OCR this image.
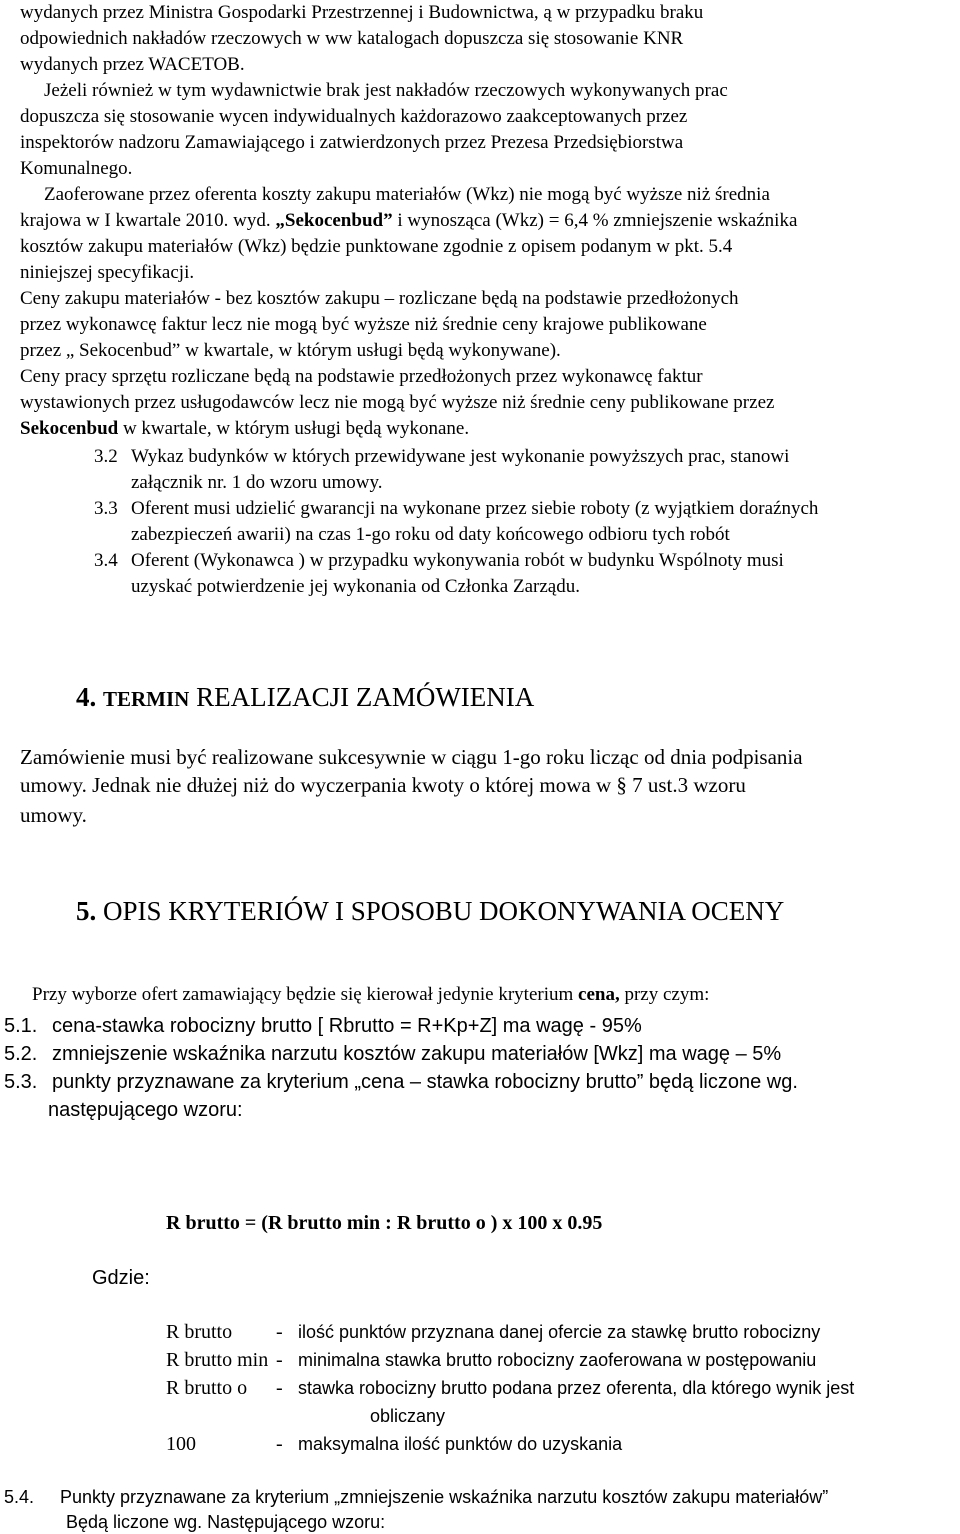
wydanych przez Ministra Gospodarki Przestrzennej i Budownictwa, ą w przypadku braku
odpowiednich nakładów rzeczowych w ww katalogach dopuszcza się stosowanie KNR
wydanych przez WACETOB.
Jeżeli również w tym wydawnictwie brak jest nakładów rzeczowych wykonywanych prac
dopuszcza się stosowanie wycen indywidualnych każdorazowo zaakceptowanych przez
inspektorów nadzoru Zamawiającego i zatwierdzonych przez Prezesa Przedsiębiorstwa
Komunalnego.
Zaoferowane przez oferenta koszty zakupu materiałów (Wkz) nie mogą być wyższe niż średnia
krajowa w I kwartale 2010. wyd. „Sekocenbud” i wynosząca (Wkz) = 6,4 % zmniejszenie wskaźnika
kosztów zakupu materiałów (Wkz) będzie punktowane zgodnie z opisem podanym w pkt. 5.4
niniejszej specyfikacji.
Ceny zakupu materiałów - bez kosztów zakupu – rozliczane będą na podstawie przedłożonych
przez wykonawcę faktur lecz nie mogą być wyższe niż średnie ceny krajowe publikowane
przez „ Sekocenbud” w kwartale, w którym usługi będą wykonywane).
Ceny pracy sprzętu rozliczane będą na podstawie przedłożonych przez wykonawcę faktur
wystawionych przez usługodawców lecz nie mogą być wyższe niż średnie ceny publikowane przez
Sekocenbud w kwartale, w którym usługi będą wykonane.
3.2 Wykaz budynków w których przewidywane jest wykonanie powyższych prac, stanowi
załącznik nr. 1 do wzoru umowy.
3.3 Oferent musi udzielić gwarancji na wykonane przez siebie roboty (z wyjątkiem doraźnych
zabezpieczeń awarii) na czas 1-go roku od daty końcowego odbioru tych robót
3.4 Oferent (Wykonawca ) w przypadku wykonywania robót w budynku Wspólnoty musi
uzyskać potwierdzenie jej wykonania od Członka Zarządu.
4. TERMIN REALIZACJI ZAMÓWIENIA
Zamówienie musi być realizowane sukcesywnie w ciągu 1-go roku licząc od dnia podpisania
umowy. Jednak nie dłużej niż do wyczerpania kwoty o której mowa w § 7 ust.3 wzoru
umowy.
5. OPIS KRYTERIÓW I SPOSOBU DOKONYWANIA OCENY
Przy wyborze ofert zamawiający będzie się kierował jedynie kryterium cena, przy czym:
5.1. cena-stawka robocizny brutto [ Rbrutto = R+Kp+Z] ma wagę - 95%
5.2. zmniejszenie wskaźnika narzutu kosztów zakupu materiałów [Wkz] ma wagę – 5%
5.3. punkty przyznawane za kryterium „cena – stawka robocizny brutto” będą liczone wg.
następującego wzoru:
R brutto = (R brutto min : R brutto o ) x 100 x 0.95
Gdzie:
R brutto - ilość punktów przyznana danej ofercie za stawkę brutto robocizny
R brutto min - minimalna stawka brutto robocizny zaoferowana w postępowaniu
R brutto o - stawka robocizny brutto podana przez oferenta, dla którego wynik jest
obliczany
100	- maksymalna ilość punktów do uzyskania
5.4. Punkty przyznawane za kryterium „zmniejszenie wskaźnika narzutu kosztów zakupu materiałów”
Będą liczone wg. Następującego wzoru:
